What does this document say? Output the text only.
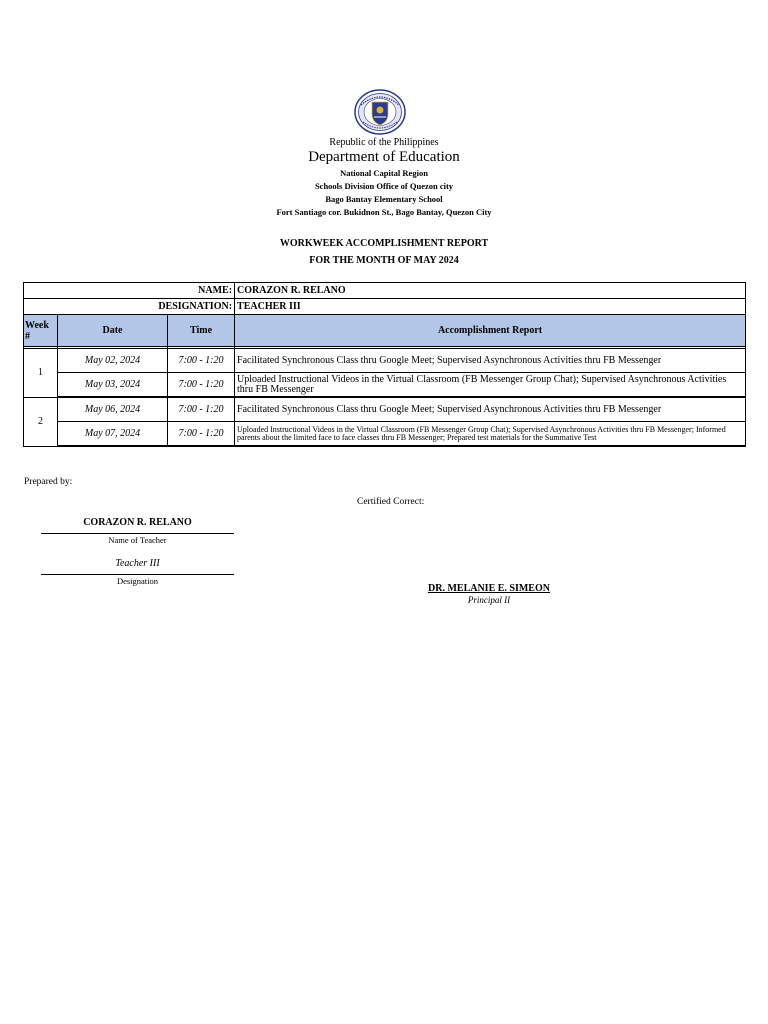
Republic of the Philippines
Department of Education
National Capital Region
Schools Division Office of Quezon city
Bago Bantay Elementary School
Fort Santiago cor. Bukidnon St., Bago Bantay, Quezon City
WORKWEEK ACCOMPLISHMENT REPORT
FOR THE MONTH OF MAY 2024
NAME:			CORAZON R. RELANO
DESIGNATION:			TEACHER III
Week #	Date	Time	Accomplishment Report

1	May 02, 2024	7:00 - 1:20	Facilitated Synchronous Class thru Google Meet; Supervised Asynchronous Activities thru FB Messenger
	May 03, 2024	7:00 - 1:20	Uploaded Instructional Videos in the Virtual Classroom (FB Messenger Group Chat); Supervised Asynchronous Activities thru FB Messenger
2	May 06, 2024	7:00 - 1:20	Facilitated Synchronous Class thru Google Meet; Supervised Asynchronous Activities thru FB Messenger
	May 07, 2024	7:00 - 1:20	Uploaded Instructional Videos in the Virtual Classroom (FB Messenger Group Chat); Supervised Asynchronous Activities thru FB Messenger; Informed parents about the limited face to face classes thru FB Messenger; Prepared test materials for the Summative Test
Prepared by:
Certified Correct:
CORAZON R. RELANO
Name of Teacher
Teacher III
Designation
DR. MELANIE E. SIMEON
Principal II
